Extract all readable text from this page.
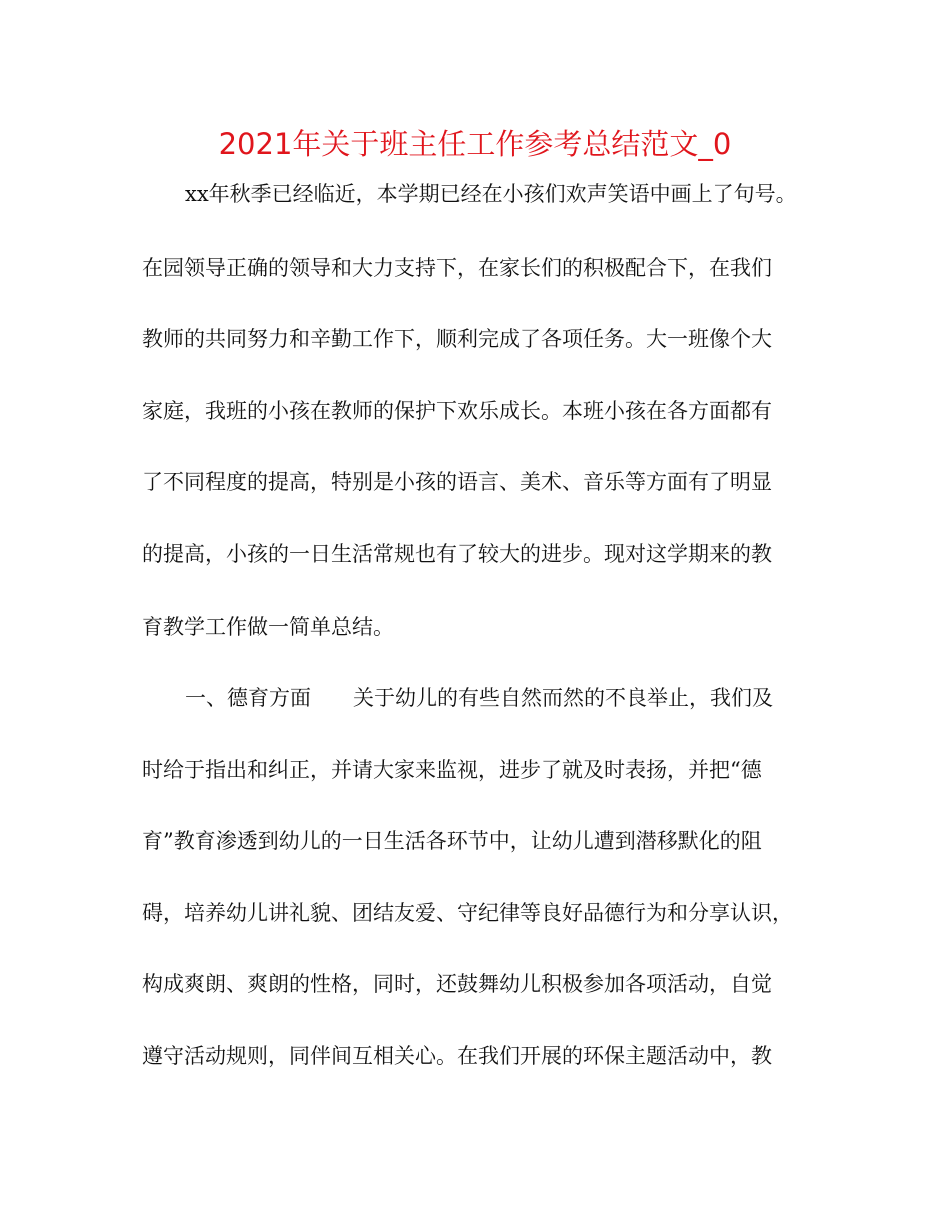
2021年关于班主任工作参考总结范文_0
xx年秋季已经临近，本学期已经在小孩们欢声笑语中画上了句号。
在园领导正确的领导和大力支持下，在家长们的积极配合下，在我们
教师的共同努力和辛勤工作下，顺利完成了各项任务。大一班像个大
家庭，我班的小孩在教师的保护下欢乐成长。本班小孩在各方面都有
了不同程度的提高，特别是小孩的语言、美术、音乐等方面有了明显
的提高，小孩的一日生活常规也有了较大的进步。现对这学期来的教
育教学工作做一简单总结。
一、德育方面　　关于幼儿的有些自然而然的不良举止，我们及
时给于指出和纠正，并请大家来监视，进步了就及时表扬，并把“德
育”教育渗透到幼儿的一日生活各环节中，让幼儿遭到潜移默化的阻
碍，培养幼儿讲礼貌、团结友爱、守纪律等良好品德行为和分享认识，
构成爽朗、爽朗的性格，同时，还鼓舞幼儿积极参加各项活动，自觉
遵守活动规则，同伴间互相关心。在我们开展的环保主题活动中，教
